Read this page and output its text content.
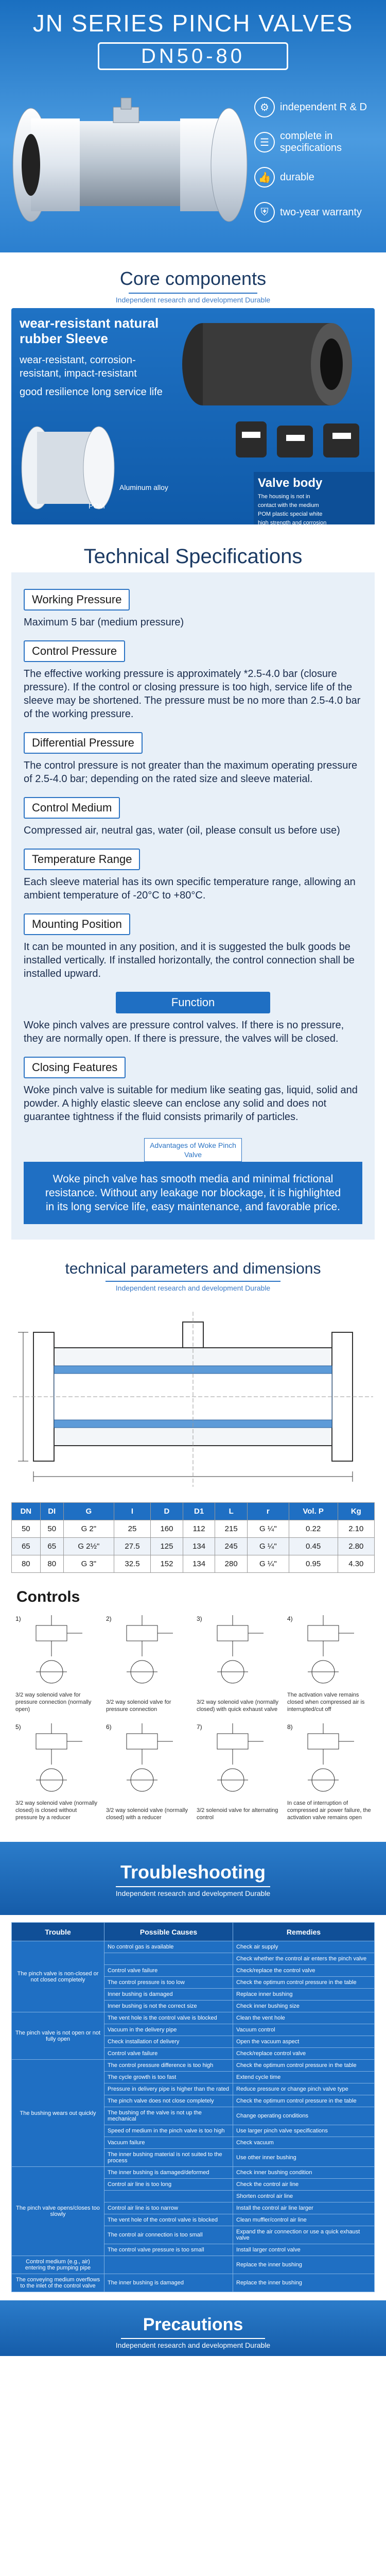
JN SERIES PINCH VALVES
DN50-80
⚙	independent R & D
☰
complete in specifications
👍 durable
⛨	two-year warranty
Core components
Independent research and development Durable
wear-resistant natural rubber Sleeve
wear-resistant, corrosion-resistant, impact-resistant
good resilience long service life
Aluminum alloy
POM
Valve body

The housing is not in

contact with the medium

POM plastic special white

high strength and corrosion

Technical Specifications
Working Pressure

Maximum 5 bar (medium pressure)

Control Pressure

The effective working pressure is approximately *2.5-4.0 bar (closure pressure). If the control or closing pressure is too high, service life of the sleeve may be shortened. The pressure must be no more than 2.5-4.0 bar of the working pressure.

Differential Pressure

The control pressure is not greater than the maximum operating pressure of 2.5-4.0 bar; depending on the rated size and sleeve material.

Control Medium

Compressed air, neutral gas, water (oil, please consult us before use)

Temperature Range

Each sleeve material has its own specific temperature range, allowing an ambient temperature of -20°C to +80°C.

Mounting Position

It can be mounted in any position, and it is suggested the bulk goods be installed vertically. If installed horizontally, the control connection shall be installed upward.

Function

Woke pinch valves are pressure control valves. If there is no pressure, they are normally open. If there is pressure, the valves will be closed.

Closing Features

Woke pinch valve is suitable for medium like seating gas, liquid, solid and powder. A highly elastic sleeve can enclose any solid and does not guarantee tightness if the fluid consists primarily of particles.

Advantages of Woke Pinch Valve
Woke pinch valve has smooth media and minimal frictional resistance. Without any leakage nor blockage, it is highlighted in its long service life, easy maintenance, and favorable price.
technical parameters and dimensions
Independent research and development Durable
DN	DI	G	I	D	D1	L	r	Vol. P	Kg
50	50	G 2"	25	160	112	215	G ¼"	0.22	2.10
65	65	G 2½"	27.5	125	134	245	G ¼"	0.45	2.80
80	80	G 3"	32.5	152	134	280	G ¼"	0.95	4.30
Controls
1)
3/2 way solenoid valve for pressure connection (normally open)
2)
3/2 way solenoid valve for pressure connection
3)
3/2 way solenoid valve (normally closed) with quick exhaust valve
4)
The activation valve remains closed when compressed air is interrupted/cut off
5)
3/2 way solenoid valve (normally closed) is closed without pressure by a reducer
6)
3/2 way solenoid valve (normally closed) with a reducer
7)
3/2 solenoid valve for alternating control
8)
In case of interruption of compressed air power failure, the activation valve remains open
Troubleshooting
Independent research and development Durable
Trouble	Possible Causes	Remedies
The pinch valve is non-closed or not closed completely	No control gas is available	Check air supply
		Check whether the control air enters the pinch valve
	Control valve failure	Check/replace the control valve
	The control pressure is too low	Check the optimum control pressure in the table
	Inner bushing is damaged	Replace inner bushing
	Inner bushing is not the correct size	Check inner bushing size
The pinch valve is not open or not fully open	The vent hole is the control valve is blocked	Clean the vent hole
	Vacuum in the delivery pipe	Vacuum control
	Check installation of delivery	Open the vacuum aspect
	Control valve failure	Check/replace control valve
The bushing wears out quickly	The control pressure difference is too high	Check the optimum control pressure in the table
	The cycle growth is too fast	Extend cycle time
	Pressure in delivery pipe is higher than the rated	Reduce pressure or change pinch valve type
	The pinch valve does not close completely	Check the optimum control pressure in the table
	The bushing of the valve is not up the mechanical	Change operating conditions
	Speed of medium in the pinch valve is too high	Use larger pinch valve specifications
	Vacuum failure	Check vacuum
	The inner bushing material is not suited to the process	Use other inner bushing
The pinch valve opens/closes too slowly	The inner bushing is damaged/deformed	Check inner bushing condition
	Control air line is too long	Check the control air line
		Shorten control air line
	Control air line is too narrow	Install the control air line larger
	The vent hole of the control valve is blocked	Clean muffler/control air line
	The control air connection is too small	Expand the air connection or use a quick exhaust valve
	The control valve pressure is too small	Install larger control valve
Control medium (e.g., air) entering the pumping pipe		Replace the inner bushing
The conveying medium overflows to the inlet of the control valve	The inner bushing is damaged	Replace the inner bushing
Precautions
Independent research and development Durable
